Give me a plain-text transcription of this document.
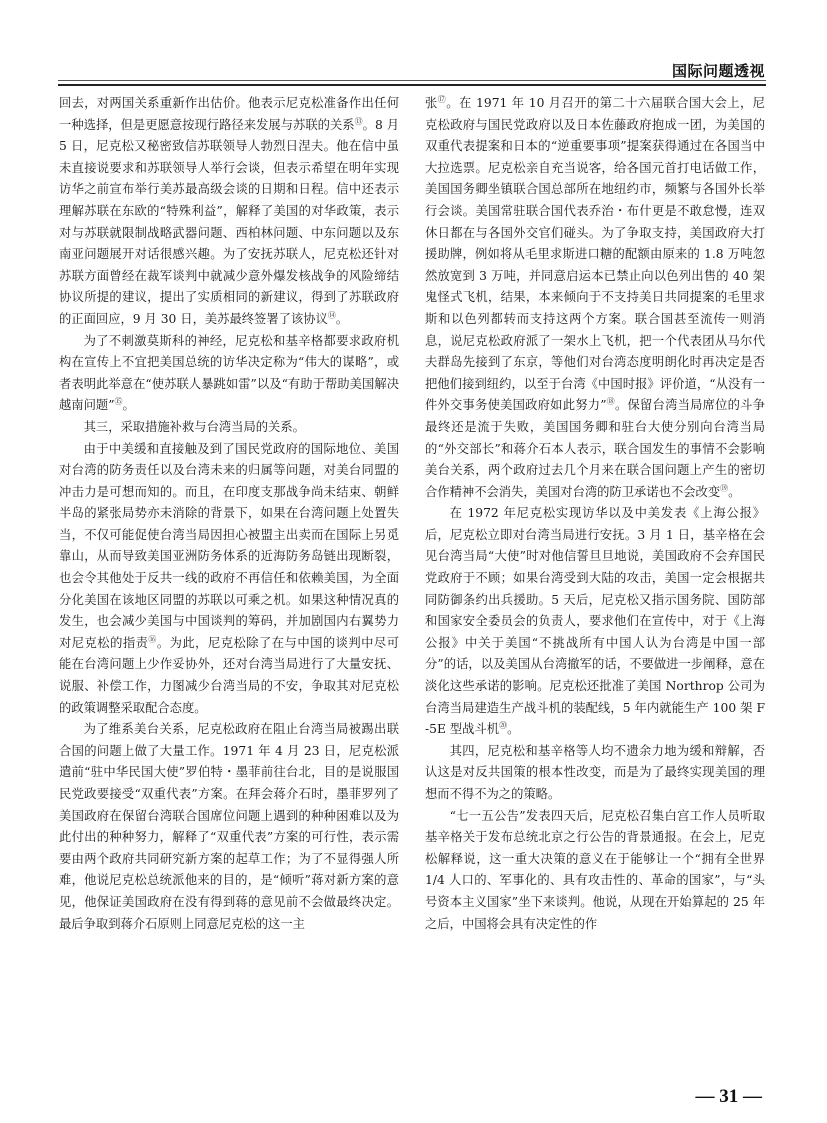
国际问题透视

回去，对两国关系重新作出估价。他表示尼克松准备作出任何一种选择，但是更愿意按现行路径来发展与苏联的关系⑬。8 月 5 日，尼克松又秘密致信苏联领导人勃烈日涅夫。他在信中虽未直接说要求和苏联领导人举行会谈，但表示希望在明年实现访华之前宣布举行美苏最高级会谈的日期和日程。信中还表示理解苏联在东欧的“特殊利益”，解释了美国的对华政策，表示对与苏联就限制战略武器问题、西柏林问题、中东问题以及东南亚问题展开对话很感兴趣。为了安抚苏联人，尼克松还针对苏联方面曾经在裁军谈判中就减少意外爆发核战争的风险缔结协议所提的建议，提出了实质相同的新建议，得到了苏联政府的正面回应，9 月 30 日，美苏最终签署了该协议⑭。

为了不刺激莫斯科的神经，尼克松和基辛格都要求政府机构在宣传上不宜把美国总统的访华决定称为“伟大的谋略”，或者表明此举意在“使苏联人暴跳如雷”以及“有助于帮助美国解决越南问题”⑮。

其三，采取措施补救与台湾当局的关系。

由于中美缓和直接触及到了国民党政府的国际地位、美国对台湾的防务责任以及台湾未来的归属等问题，对美台同盟的冲击力是可想而知的。而且，在印度支那战争尚未结束、朝鲜半岛的紧张局势亦未消除的背景下，如果在台湾问题上处置失当，不仅可能促使台湾当局因担心被盟主出卖而在国际上另觅靠山，从而导致美国亚洲防务体系的近海防务岛链出现断裂，也会令其他处于反共一线的政府不再信任和依赖美国，为全面分化美国在该地区同盟的苏联以可乘之机。如果这种情况真的发生，也会减少美国与中国谈判的筹码，并加剧国内右翼势力对尼克松的指责⑯。为此，尼克松除了在与中国的谈判中尽可能在台湾问题上少作妥协外，还对台湾当局进行了大量安抚、说服、补偿工作，力图减少台湾当局的不安，争取其对尼克松的政策调整采取配合态度。

为了维系美台关系，尼克松政府在阻止台湾当局被踢出联合国的问题上做了大量工作。1971 年 4 月 23 日，尼克松派遣前“驻中华民国大使”罗伯特・墨菲前往台北，目的是说服国民党政要接受“双重代表”方案。在拜会蒋介石时，墨菲罗列了美国政府在保留台湾联合国席位问题上遇到的种种困难以及为此付出的种种努力，解释了“双重代表”方案的可行性，表示需要由两个政府共同研究新方案的起草工作；为了不显得强人所难，他说尼克松总统派他来的目的，是“倾听”蒋对新方案的意见，他保证美国政府在没有得到蒋的意见前不会做最终决定。最后争取到蒋介石原则上同意尼克松的这一主

张⑰。在 1971 年 10 月召开的第二十六届联合国大会上，尼克松政府与国民党政府以及日本佐藤政府抱成一团，为美国的双重代表提案和日本的“逆重要事项”提案获得通过在各国当中大拉选票。尼克松亲自充当说客，给各国元首打电话做工作，美国国务卿坐镇联合国总部所在地纽约市，频繁与各国外长举行会谈。美国常驻联合国代表乔治・布什更是不敢怠慢，连双休日都在与各国外交官们碰头。为了争取支持，美国政府大打援助牌，例如将从毛里求斯进口糖的配额由原来的 1.8 万吨忽然放宽到 3 万吨，并同意启运本已禁止向以色列出售的 40 架鬼怪式飞机，结果，本来倾向于不支持美日共同提案的毛里求斯和以色列都转而支持这两个方案。联合国甚至流传一则消息，说尼克松政府派了一架水上飞机，把一个代表团从马尔代夫群岛先接到了东京，等他们对台湾态度明朗化时再决定是否把他们接到纽约，以至于台湾《中国时报》评价道，“从没有一件外交事务使美国政府如此努力”⑱。保留台湾当局席位的斗争最终还是流于失败，美国国务卿和驻台大使分别向台湾当局的“外交部长”和蒋介石本人表示，联合国发生的事情不会影响美台关系，两个政府过去几个月来在联合国问题上产生的密切合作精神不会消失，美国对台湾的防卫承诺也不会改变⑲。

在 1972 年尼克松实现访华以及中美发表《上海公报》后，尼克松立即对台湾当局进行安抚。3 月 1 日，基辛格在会见台湾当局“大使”时对他信誓旦旦地说，美国政府不会弃国民党政府于不顾；如果台湾受到大陆的攻击，美国一定会根据共同防御条约出兵援助。5 天后，尼克松又指示国务院、国防部和国家安全委员会的负责人，要求他们在宣传中，对于《上海公报》中关于美国“不挑战所有中国人认为台湾是中国一部分”的话，以及美国从台湾撤军的话，不要做进一步阐释，意在淡化这些承诺的影响。尼克松还批准了美国 Northrop 公司为台湾当局建造生产战斗机的装配线，5 年内就能生产 100 架 F-5E 型战斗机⑳。

其四，尼克松和基辛格等人均不遗余力地为缓和辩解，否认这是对反共国策的根本性改变，而是为了最终实现美国的理想而不得不为之的策略。

“七一五公告”发表四天后，尼克松召集白宫工作人员听取基辛格关于发布总统北京之行公告的背景通报。在会上，尼克松解释说，这一重大决策的意义在于能够让一个“拥有全世界 1/4 人口的、军事化的、具有攻击性的、革命的国家”，与“头号资本主义国家”坐下来谈判。他说，从现在开始算起的 25 年之后，中国将会具有决定性的作

— 31 —
